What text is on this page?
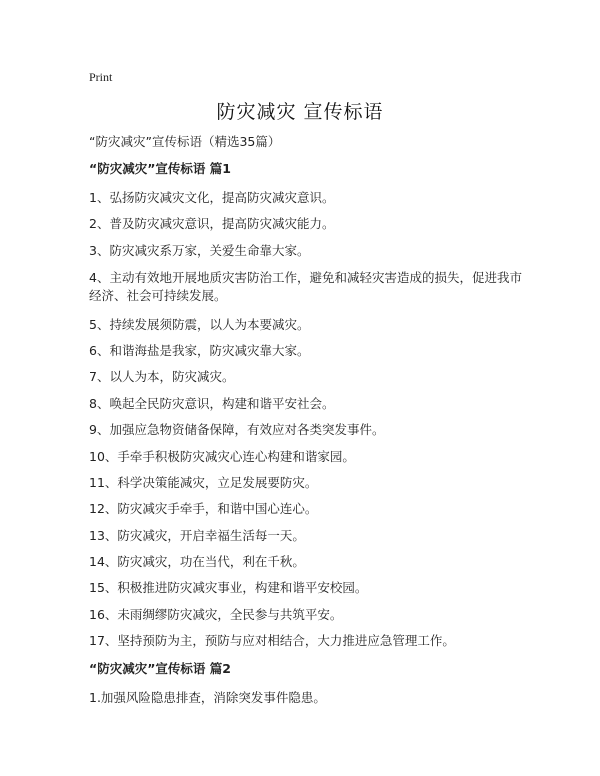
Print
防灾减灾 宣传标语
“防灾减灾”宣传标语（精选35篇）
“防灾减灾”宣传标语 篇1
1、弘扬防灾减灾文化，提高防灾减灾意识。
2、普及防灾减灾意识，提高防灾减灾能力。
3、防灾减灾系万家，关爱生命靠大家。
4、主动有效地开展地质灾害防治工作，避免和减轻灾害造成的损失，促进我市经济、社会可持续发展。
5、持续发展须防震，以人为本要减灾。
6、和谐海盐是我家，防灾减灾靠大家。
7、以人为本，防灾减灾。
8、唤起全民防灾意识，构建和谐平安社会。
9、加强应急物资储备保障，有效应对各类突发事件。
10、手牵手积极防灾减灾心连心构建和谐家园。
11、科学决策能减灾，立足发展要防灾。
12、防灾减灾手牵手，和谐中国心连心。
13、防灾减灾，开启幸福生活每一天。
14、防灾减灾，功在当代，利在千秋。
15、积极推进防灾减灾事业，构建和谐平安校园。
16、未雨绸缪防灾减灾，全民参与共筑平安。
17、坚持预防为主，预防与应对相结合，大力推进应急管理工作。
“防灾减灾”宣传标语 篇2
1.加强风险隐患排查，消除突发事件隐患。
